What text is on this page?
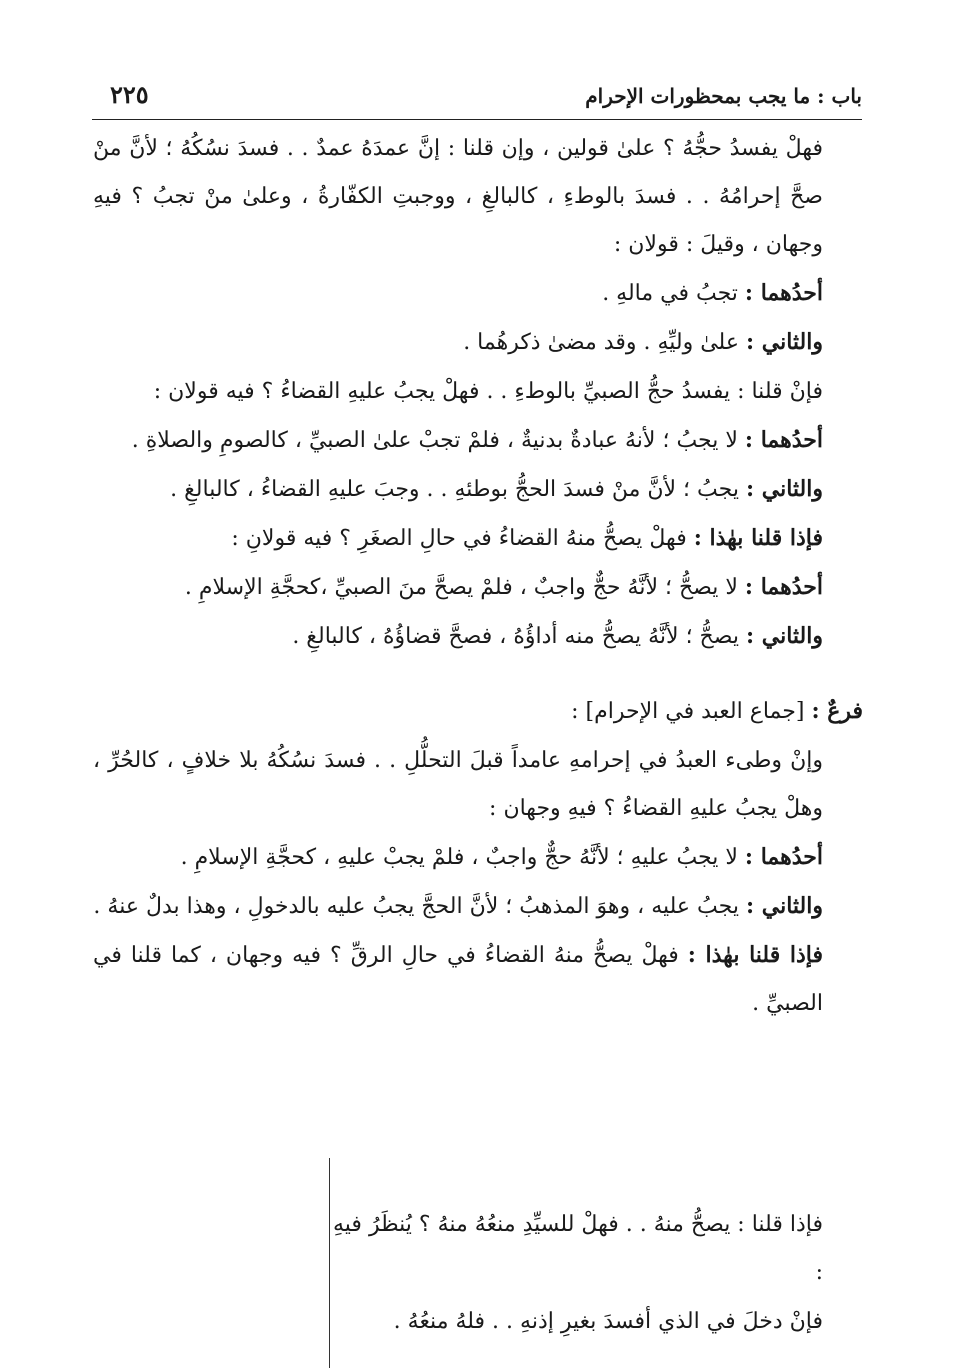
باب : ما يجب بمحظورات الإحرام
٢٢٥

فهلْ يفسدُ حجُّهُ ؟ علىٰ قولين ، وإن قلنا : إنَّ عمدَهُ عمدٌ . . فسدَ نسُكُهُ ؛ لأنَّ منْ صحَّ إحرامُهُ . . فسدَ بالوطءِ ، كالبالغِ ، ووجبتِ الكفّارةُ ، وعلىٰ منْ تجبُ ؟ فيهِ وجهان ، وقيلَ : قولان :

أحدُهما : تجبُ في مالهِ .

والثاني : علىٰ وليِّهِ . وقد مضىٰ ذكرهُما .

فإنْ قلنا : يفسدُ حجُّ الصبيِّ بالوطءِ . . فهلْ يجبُ عليهِ القضاءُ ؟ فيه قولان :

أحدُهما : لا يجبُ ؛ لأنهُ عبادةٌ بدنيةٌ ، فلمْ تجبْ علىٰ الصبيِّ ، كالصومِ والصلاةِ .

والثاني : يجبُ ؛ لأنَّ منْ فسدَ الحجُّ بوطئهِ . . وجبَ عليهِ القضاءُ ، كالبالغِ .

فإذا قلنا بهٰذا : فهلْ يصحُّ منهُ القضاءُ في حالِ الصغَرِ ؟ فيه قولانِ :

أحدُهما : لا يصحُّ ؛ لأنَّهُ حجٌّ واجبٌ ، فلمْ يصحَّ منَ الصبيِّ ،كحجَّةِ الإسلامِ .

والثاني : يصحُّ ؛ لأنَّهُ يصحُّ منه أداؤُهُ ، فصحَّ قضاؤُهُ ، كالبالغِ .

فرعٌ : [جماع العبد في الإحرام] :

وإنْ وطىء العبدُ في إحرامهِ عامداً قبلَ التحلُّلِ . . فسدَ نسُكُهُ بلا خلافٍ ، كالحُرِّ ، وهلْ يجبُ عليهِ القضاءُ ؟ فيهِ وجهان :

أحدُهما : لا يجبُ عليهِ ؛ لأنَّهُ حجٌّ واجبٌ ، فلمْ يجبْ عليهِ ، كحجَّةِ الإسلامِ .

والثاني : يجبُ عليه ، وهوَ المذهبُ ؛ لأنَّ الحجَّ يجبُ عليه بالدخولِ ، وهذا بدلٌ عنهُ .

فإذا قلنا بهٰذا : فهلْ يصحُّ منهُ القضاءُ في حالِ الرقِّ ؟ فيه وجهان ، كما قلنا في الصبيِّ .

فإذا قلنا : يصحُّ منهُ . . فهلْ للسيِّدِ منعُهُ منهُ ؟ يُنظَرُ فيهِ :

فإنْ دخلَ في الذي أفسدَ بغيرِ إذنهِ . . فلهُ منعُهُ .
